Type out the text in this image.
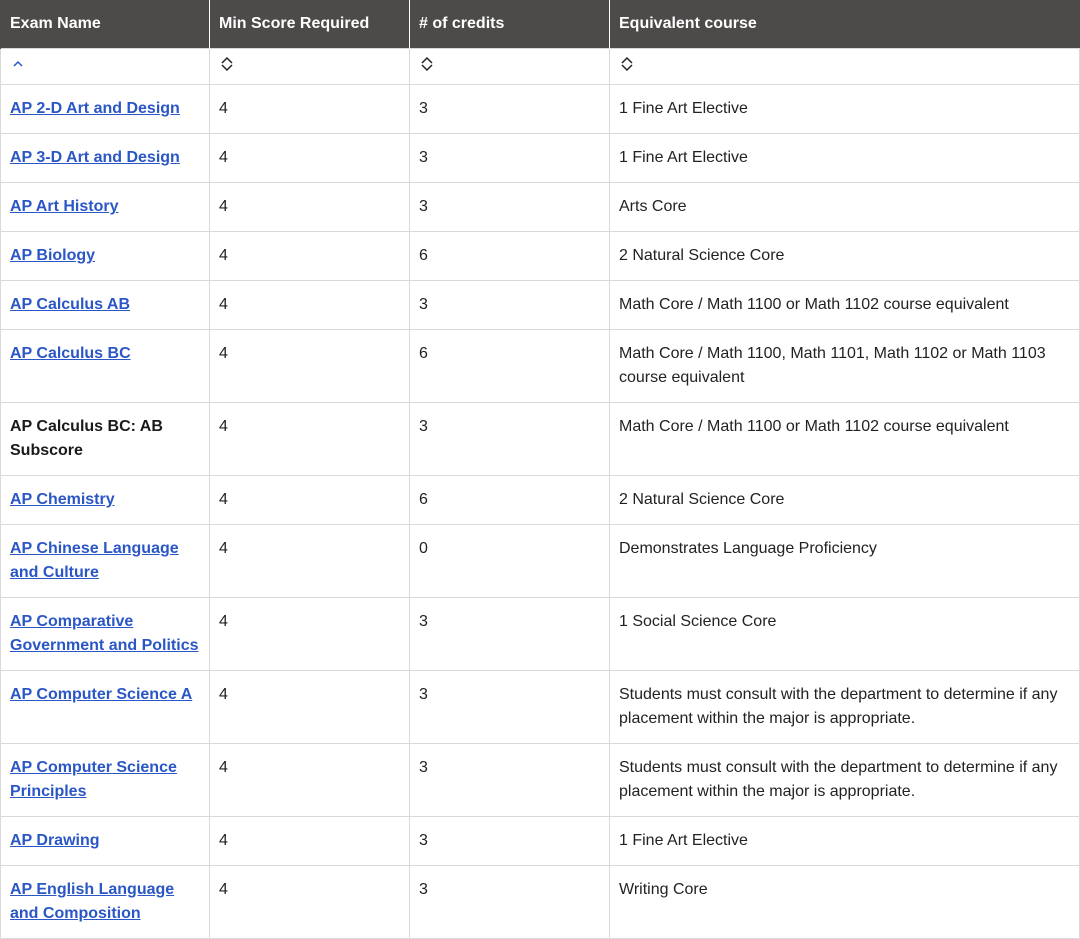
Exam Name	Min Score Required	# of credits	Equivalent course

AP 2-D Art and Design	4	3	1 Fine Art Elective
AP 3-D Art and Design	4	3	1 Fine Art Elective
AP Art History	4	3	Arts Core
AP Biology	4	6	2 Natural Science Core
AP Calculus AB	4	3	Math Core / Math 1100 or Math 1102 course equivalent
AP Calculus BC	4	6	Math Core / Math 1100, Math 1101, Math 1102 or Math 1103 course equivalent
AP Calculus BC: AB Subscore	4	3	Math Core / Math 1100 or Math 1102 course equivalent
AP Chemistry	4	6	2 Natural Science Core
AP Chinese Language and Culture	4	0	Demonstrates Language Proficiency
AP Comparative Government and Politics	4	3	1 Social Science Core
AP Computer Science A	4	3	Students must consult with the department to determine if any placement within the major is appropriate.
AP Computer Science Principles	4	3	Students must consult with the department to determine if any placement within the major is appropriate.
AP Drawing	4	3	1 Fine Art Elective
AP English Language and Composition	4	3	Writing Core
